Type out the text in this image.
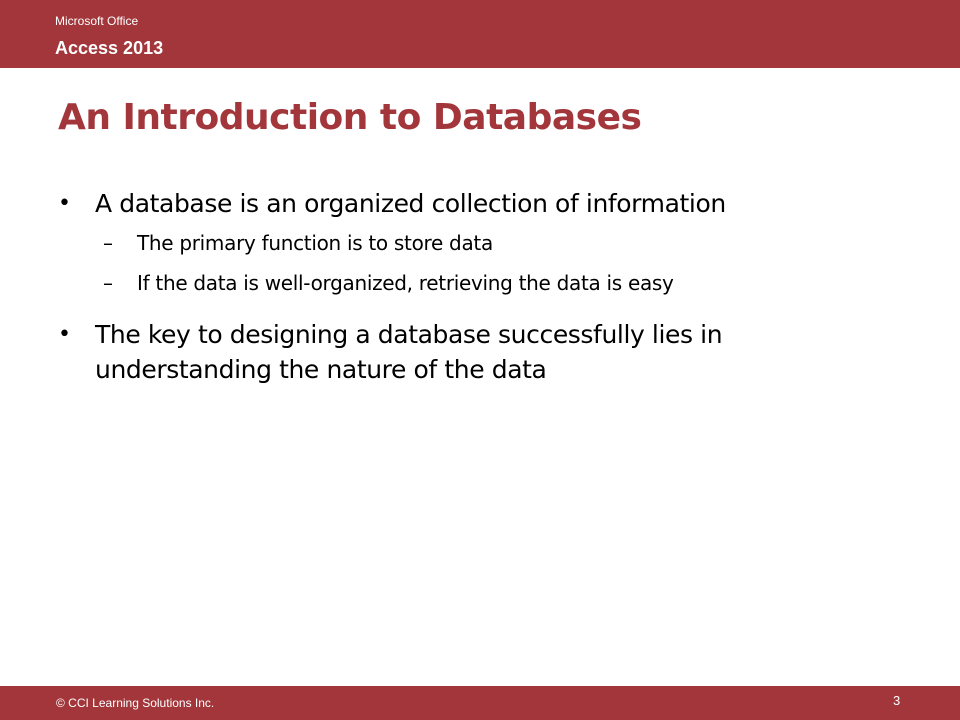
Microsoft Office
Access 2013
An Introduction to Databases
• A database is an organized collection of information
–	The primary function is to store data
–	If the data is well-organized, retrieving the data is easy
• The key to designing a database successfully lies in understanding the nature of the data
© CCI Learning Solutions Inc.	3
